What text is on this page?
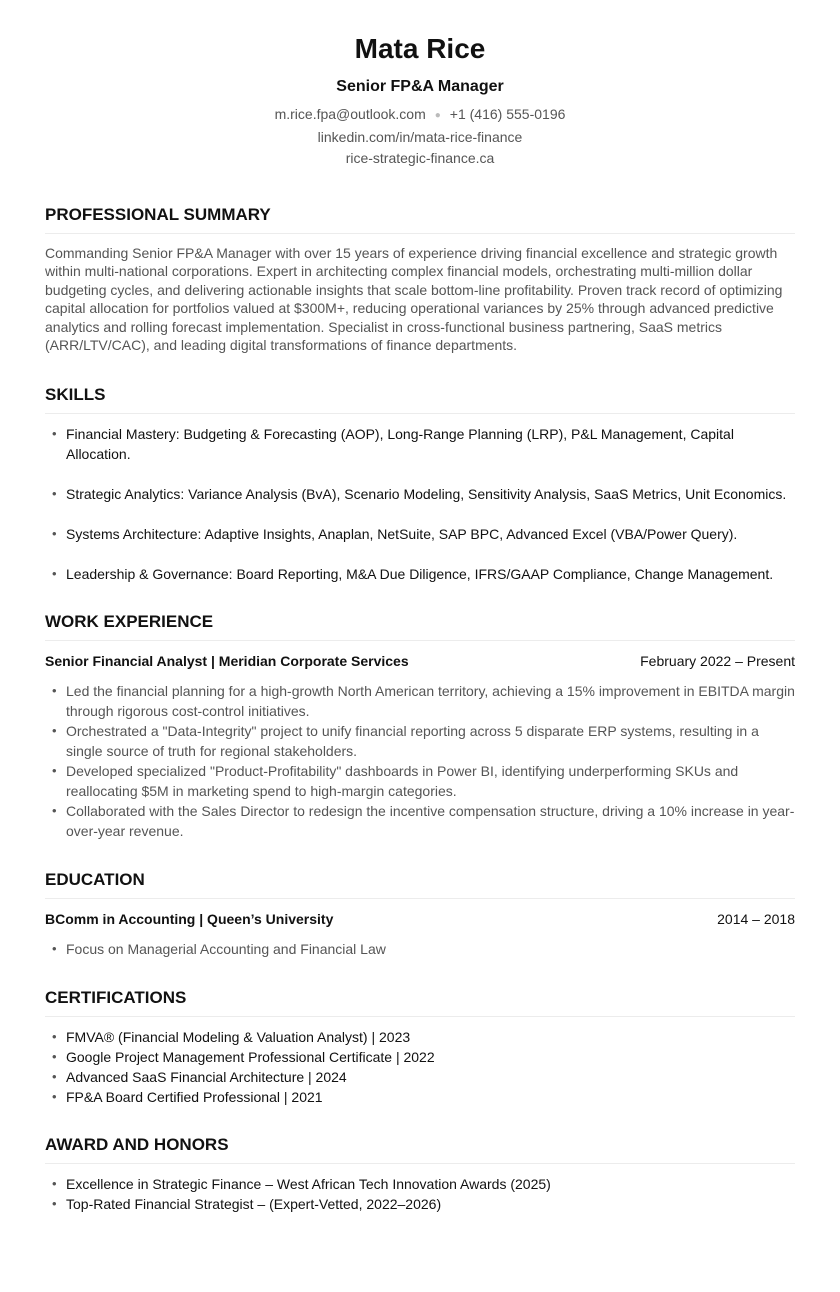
Mata Rice
Senior FP&A Manager
m.rice.fpa@outlook.com ● +1 (416) 555-0196
linkedin.com/in/mata-rice-finance
rice-strategic-finance.ca
PROFESSIONAL SUMMARY
Commanding Senior FP&A Manager with over 15 years of experience driving financial excellence and strategic growth within multi-national corporations. Expert in architecting complex financial models, orchestrating multi-million dollar budgeting cycles, and delivering actionable insights that scale bottom-line profitability. Proven track record of optimizing capital allocation for portfolios valued at $300M+, reducing operational variances by 25% through advanced predictive analytics and rolling forecast implementation. Specialist in cross-functional business partnering, SaaS metrics (ARR/LTV/CAC), and leading digital transformations of finance departments.
SKILLS
• Financial Mastery: Budgeting & Forecasting (AOP), Long-Range Planning (LRP), P&L Management, Capital Allocation.
• Strategic Analytics: Variance Analysis (BvA), Scenario Modeling, Sensitivity Analysis, SaaS Metrics, Unit Economics.
• Systems Architecture: Adaptive Insights, Anaplan, NetSuite, SAP BPC, Advanced Excel (VBA/Power Query).
• Leadership & Governance: Board Reporting, M&A Due Diligence, IFRS/GAAP Compliance, Change Management.
WORK EXPERIENCE
Senior Financial Analyst | Meridian Corporate Services	February 2022 – Present
• Led the financial planning for a high-growth North American territory, achieving a 15% improvement in EBITDA margin through rigorous cost-control initiatives.
• Orchestrated a "Data-Integrity" project to unify financial reporting across 5 disparate ERP systems, resulting in a single source of truth for regional stakeholders.
• Developed specialized "Product-Profitability" dashboards in Power BI, identifying underperforming SKUs and reallocating $5M in marketing spend to high-margin categories.
• Collaborated with the Sales Director to redesign the incentive compensation structure, driving a 10% increase in year-over-year revenue.
EDUCATION
BComm in Accounting | Queen’s University	2014 – 2018
• Focus on Managerial Accounting and Financial Law
CERTIFICATIONS
• FMVA® (Financial Modeling & Valuation Analyst) | 2023
• Google Project Management Professional Certificate | 2022
• Advanced SaaS Financial Architecture | 2024
• FP&A Board Certified Professional | 2021
AWARD AND HONORS
• Excellence in Strategic Finance – West African Tech Innovation Awards (2025)
• Top-Rated Financial Strategist – (Expert-Vetted, 2022–2026)
